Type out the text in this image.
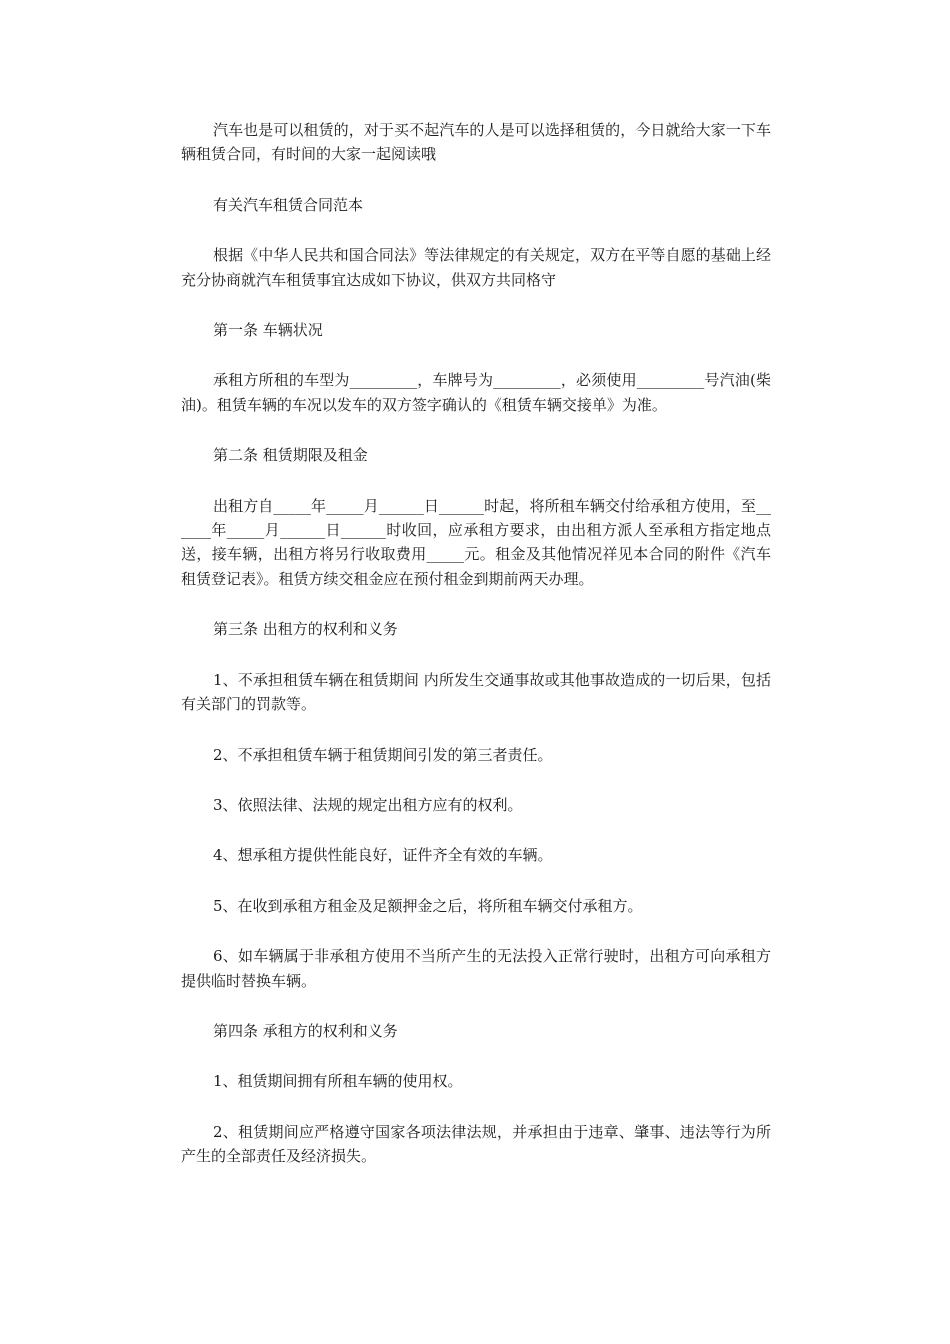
汽车也是可以租赁的，对于买不起汽车的人是可以选择租赁的，今日就给大家一下车辆租赁合同，有时间的大家一起阅读哦

有关汽车租赁合同范本

根据《中华人民共和国合同法》等法律规定的有关规定，双方在平等自愿的基础上经充分协商就汽车租赁事宜达成如下协议，供双方共同格守

第一条 车辆状况

承租方所租的车型为_________，车牌号为_________，必须使用_________号汽油(柴油)。租赁车辆的车况以发车的双方签字确认的《租赁车辆交接单》为准。

第二条 租赁期限及租金

出租方自_____年_____月______日______时起，将所租车辆交付给承租方使用，至______年_____月______日______时收回，应承租方要求，由出租方派人至承租方指定地点送，接车辆，出租方将另行收取费用_____元。租金及其他情况祥见本合同的附件《汽车租赁登记表》。租赁方续交租金应在预付租金到期前两天办理。

第三条 出租方的权利和义务

1、不承担租赁车辆在租赁期间 内所发生交通事故或其他事故造成的一切后果，包括有关部门的罚款等。

2、不承担租赁车辆于租赁期间引发的第三者责任。

3、依照法律、法规的规定出租方应有的权利。

4、想承租方提供性能良好，证件齐全有效的车辆。

5、在收到承租方租金及足额押金之后，将所租车辆交付承租方。

6、如车辆属于非承租方使用不当所产生的无法投入正常行驶时，出租方可向承租方提供临时替换车辆。

第四条 承租方的权利和义务

1、租赁期间拥有所租车辆的使用权。

2、租赁期间应严格遵守国家各项法律法规，并承担由于违章、肇事、违法等行为所产生的全部责任及经济损失。
